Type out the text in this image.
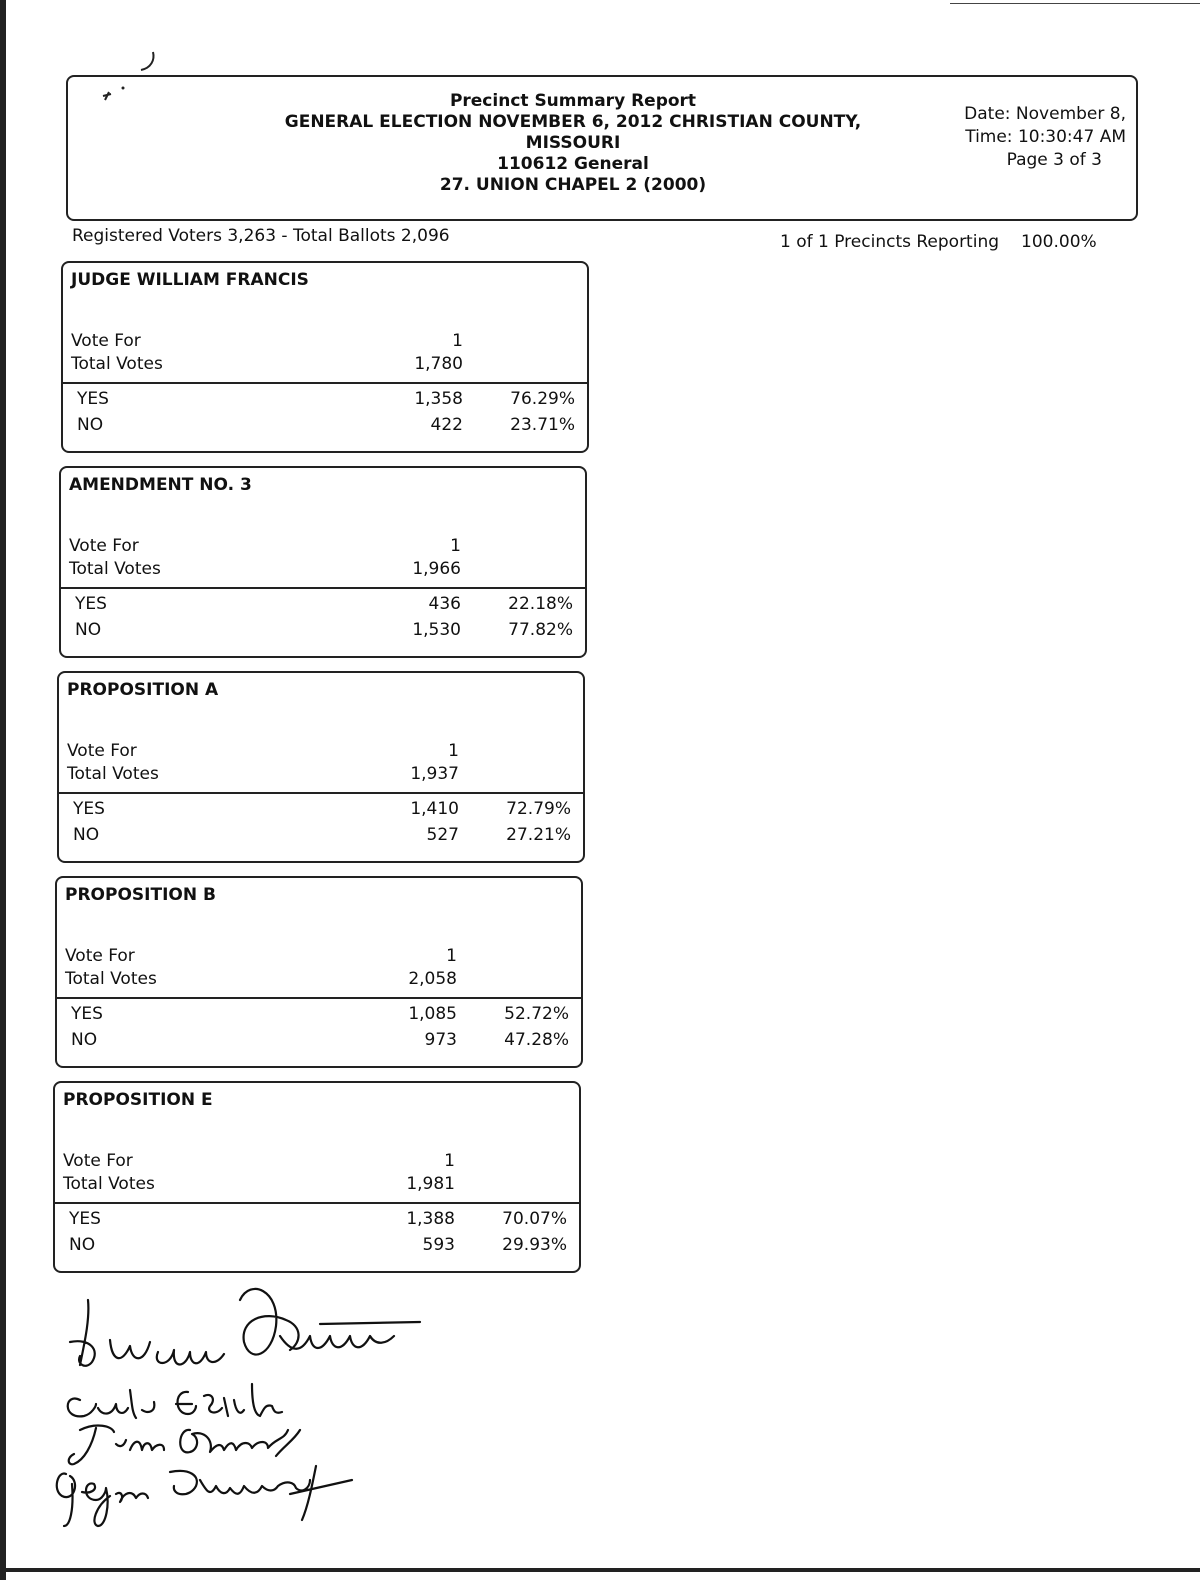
Precinct Summary Report
GENERAL ELECTION NOVEMBER 6, 2012 CHRISTIAN COUNTY,
MISSOURI
110612 General
27. UNION CHAPEL 2 (2000)
Date: November 8,
Time: 10:30:47 AM
Page 3 of 3
Registered Voters 3,263 - Total Ballots 2,096	1 of 1 Precincts Reporting 100.00%
JUDGE WILLIAM FRANCIS
Vote For	1
Total Votes	1,780
YES	1,358	76.29%
NO	422	23.71%
AMENDMENT NO. 3
Vote For	1
Total Votes	1,966
YES	436	22.18%
NO	1,530	77.82%
PROPOSITION A
Vote For	1
Total Votes	1,937
YES	1,410	72.79%
NO	527	27.21%
PROPOSITION B
Vote For	1
Total Votes	2,058
YES	1,085	52.72%
NO	973	47.28%
PROPOSITION E
Vote For	1
Total Votes	1,981
YES	1,388	70.07%
NO	593	29.93%
